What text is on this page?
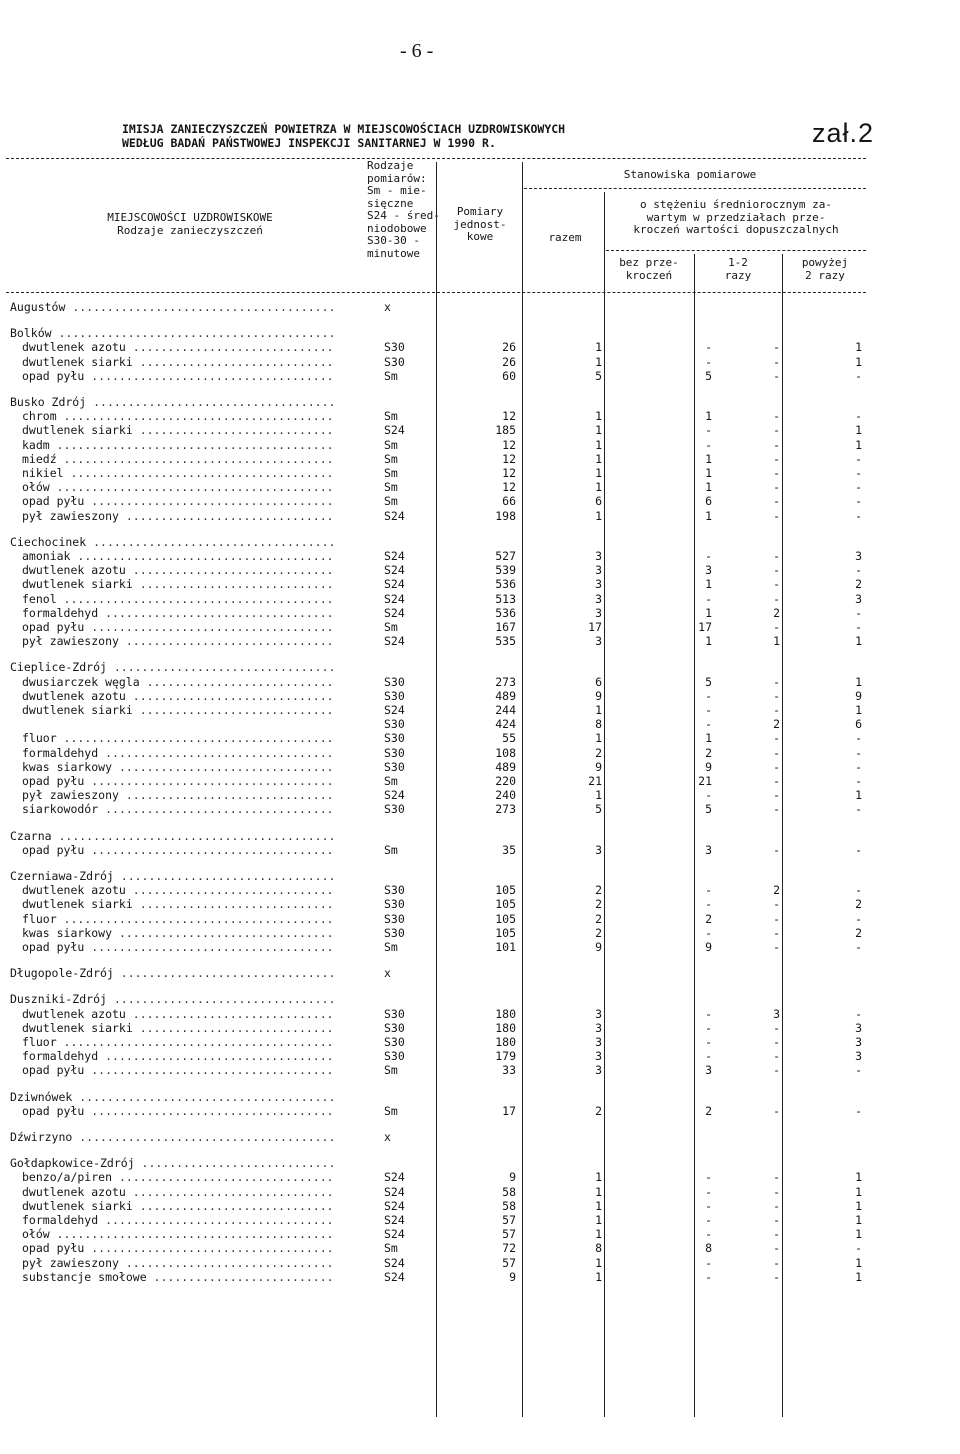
- 6 -
zał.2
IMISJA ZANIECZYSZCZEŃ POWIETRZA W MIEJSCOWOŚCIACH UZDROWISKOWYCH
WEDŁUG BADAŃ PAŃSTWOWEJ INSPEKCJI SANITARNEJ W 1990 R.
MIEJSCOWOŚCI UZDROWISKOWE
Rodzaje zanieczyszczeń
Rodzaje
pomiarów:
Sm - mie-
sięczne
S24 - śred-
niodobowe
S30-30 -
minutowe
Pomiary
jednost-
kowe
Stanowiska pomiarowe
razem
o stężeniu średniorocznym za-
wartym w przedziałach prze-
kroczeń wartości dopuszczalnych
bez prze-
kroczeń
1-2
razy
powyżej
2 razy
Augustów ......................................	x
Bolków ........................................
dwutlenek azotu .............................	S30	26	1	-	-	1
dwutlenek siarki ............................	S30	26	1	-	-	1
opad pyłu ...................................	Sm	60	5	5	-	-
Busko Zdrój ...................................
chrom .......................................	Sm	12	1	1	-	-
dwutlenek siarki ............................	S24	185	1	-	-	1
kadm ........................................	Sm	12	1	-	-	1
miedź .......................................	Sm	12	1	1	-	-
nikiel ......................................	Sm	12	1	1	-	-
ołów ........................................	Sm	12	1	1	-	-
opad pyłu ...................................	Sm	66	6	6	-	-
pył zawieszony ..............................	S24	198	1	1	-	-
Ciechocinek ...................................
amoniak .....................................	S24	527	3	-	-	3
dwutlenek azotu .............................	S24	539	3	3	-	-
dwutlenek siarki ............................	S24	536	3	1	-	2
fenol .......................................	S24	513	3	-	-	3
formaldehyd .................................	S24	536	3	1	2	-
opad pyłu ...................................	Sm	167	17	17	-	-
pył zawieszony ..............................	S24	535	3	1	1	1
Cieplice-Zdrój ................................
dwusiarczek węgla ...........................	S30	273	6	5	-	1
dwutlenek azotu .............................	S30	489	9	-	-	9
dwutlenek siarki ............................	S24	244	1	-	-	1
S30	424	8	-	2	6
fluor .......................................	S30	55	1	1	-	-
formaldehyd .................................	S30	108	2	2	-	-
kwas siarkowy ...............................	S30	489	9	9	-	-
opad pyłu ...................................	Sm	220	21	21	-	-
pył zawieszony ..............................	S24	240	1	-	-	1
siarkowodór .................................	S30	273	5	5	-	-
Czarna ........................................
opad pyłu ...................................	Sm	35	3	3	-	-
Czerniawa-Zdrój ...............................
dwutlenek azotu .............................	S30	105	2	-	2	-
dwutlenek siarki ............................	S30	105	2	-	-	2
fluor .......................................	S30	105	2	2	-	-
kwas siarkowy ...............................	S30	105	2	-	-	2
opad pyłu ...................................	Sm	101	9	9	-	-
Długopole-Zdrój ...............................	x
Duszniki-Zdrój ................................
dwutlenek azotu .............................	S30	180	3	-	3	-
dwutlenek siarki ............................	S30	180	3	-	-	3
fluor .......................................	S30	180	3	-	-	3
formaldehyd .................................	S30	179	3	-	-	3
opad pyłu ...................................	Sm	33	3	3	-	-
Dziwnówek .....................................
opad pyłu ...................................	Sm	17	2	2	-	-
Dźwirzyno .....................................	x
Gołdapkowice-Zdrój ............................
benzo/a/piren ...............................	S24	9	1	-	-	1
dwutlenek azotu .............................	S24	58	1	-	-	1
dwutlenek siarki ............................	S24	58	1	-	-	1
formaldehyd .................................	S24	57	1	-	-	1
ołów ........................................	S24	57	1	-	-	1
opad pyłu ...................................	Sm	72	8	8	-	-
pył zawieszony ..............................	S24	57	1	-	-	1
substancje smołowe ..........................	S24	9	1	-	-	1
